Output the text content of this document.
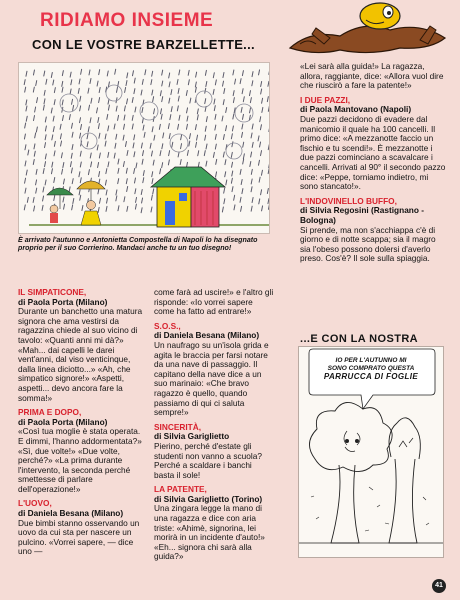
RIDIAMO INSIEME
CON LE VOSTRE BARZELLETTE...
È arrivato l'autunno e Antonietta Compostella di Napoli lo ha disegnato proprio per il suo Corrierino. Mandaci anche tu un tuo disegno!
IL SIMPATICONE,
di Paola Porta (Milano)
Durante un banchetto una matura signora che ama vestirsi da ragazzina chiede al suo vicino di tavolo: «Quanti anni mi dà?» «Mah... dai capelli le darei vent'anni, dal viso venticinque, dalla linea diciotto...» «Ah, che simpatico signore!» «Aspetti, aspetti... devo ancora fare la somma!»
PRIMA E DOPO,
di Paola Porta (Milano)
«Così tua moglie è stata operata. E dimmi, l'hanno addormentata?» «Sì, due volte!» «Due volte, perché?» «La prima durante l'intervento, la seconda perché smettesse di parlare dell'operazione!»
L'UOVO,
di Daniela Besana (Milano)
Due bimbi stanno osservando un uovo da cui sta per nascere un pulcino. «Vorrei sapere, — dice uno —
come farà ad uscire!» e l'altro gli risponde: «Io vorrei sapere come ha fatto ad entrare!»
S.O.S.,
di Daniela Besana (Milano)
Un naufrago su un'isola grida e agita le braccia per farsi notare da una nave di passaggio. Il capitano della nave dice a un suo marinaio: «Che bravo ragazzo è quello, quando passiamo di qui ci saluta sempre!»
SINCERITÀ,
di Silvia Gariglietto
Pierino, perché d'estate gli studenti non vanno a scuola? Perché a scaldare i banchi basta il sole!
LA PATENTE,
di Silvia Gariglietto (Torino)
Una zingara legge la mano di una ragazza e dice con aria triste: «Ahimè, signorina, lei morirà in un incidente d'auto!» «Eh... signora chi sarà alla guida?»
«Lei sarà alla guida!» La ragazza, allora, raggiante, dice: «Allora vuol dire che riuscirò a fare la patente!»
I DUE PAZZI,
di Paola Mantovano (Napoli)
Due pazzi decidono di evadere dal manicomio il quale ha 100 cancelli. Il primo dice: «A mezzanotte faccio un fischio e tu scendi!». È mezzanotte i due pazzi cominciano a scavalcare i cancelli. Arrivati al 90° il secondo pazzo dice: «Peppe, torniamo indietro, mi sono stancato!».
L'INDOVINELLO BUFFO,
di Silvia Regosini (Rastignano - Bologna)
Si prende, ma non s'acchiappa c'è di giorno e di notte scappa; sia il magro sia l'obeso possono dolersi d'averlo preso. Cos'è? Il sole sulla spiaggia.
...E CON LA NOSTRA
IO PER L'AUTUNNO MI
SONO COMPRATO QUESTA
PARRUCCA DI FOGLIE
41
